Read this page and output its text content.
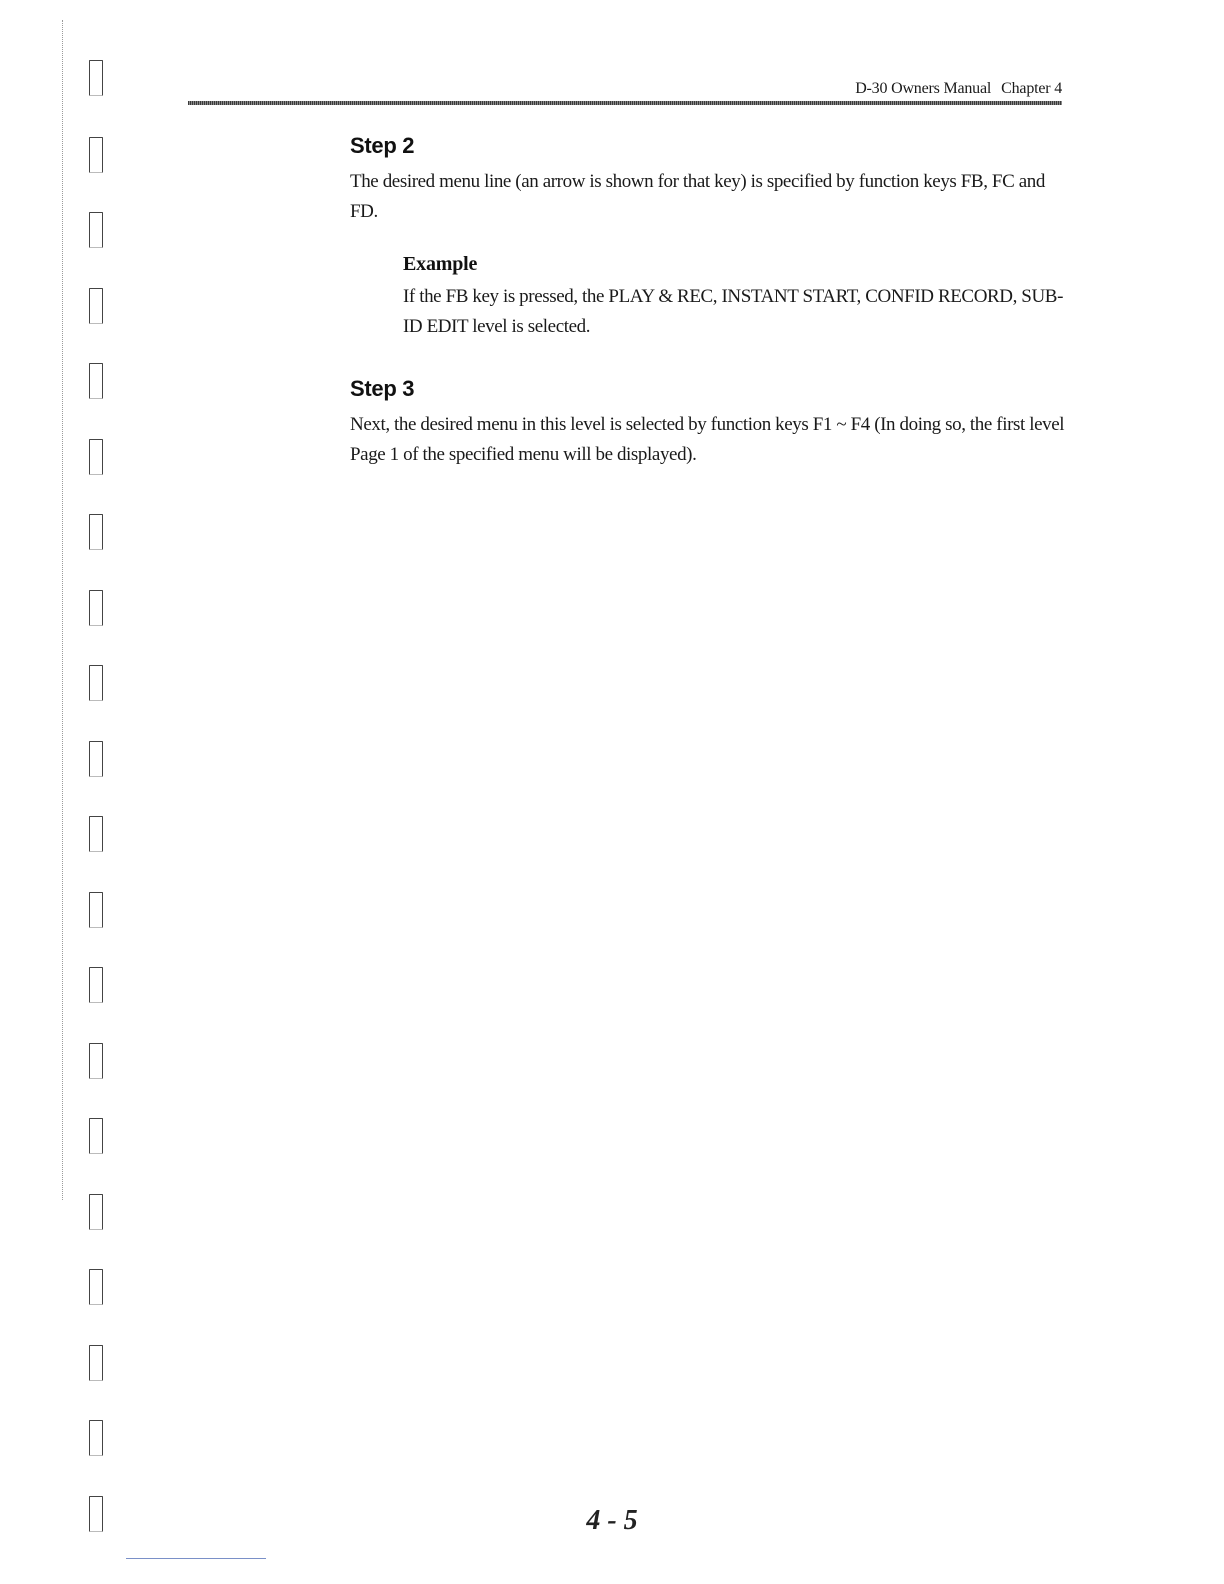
D-30 Owners Manual Chapter 4
Step 2

The desired menu line (an arrow is shown for that key) is specified by function keys FB, FC and FD.

Example

If the FB key is pressed, the PLAY & REC, INSTANT START, CONFID RECORD, SUB-ID EDIT level is selected.

Step 3

Next, the desired menu in this level is selected by function keys F1 ~ F4 (In doing so, the first level Page 1 of the specified menu will be displayed).

4 - 5
